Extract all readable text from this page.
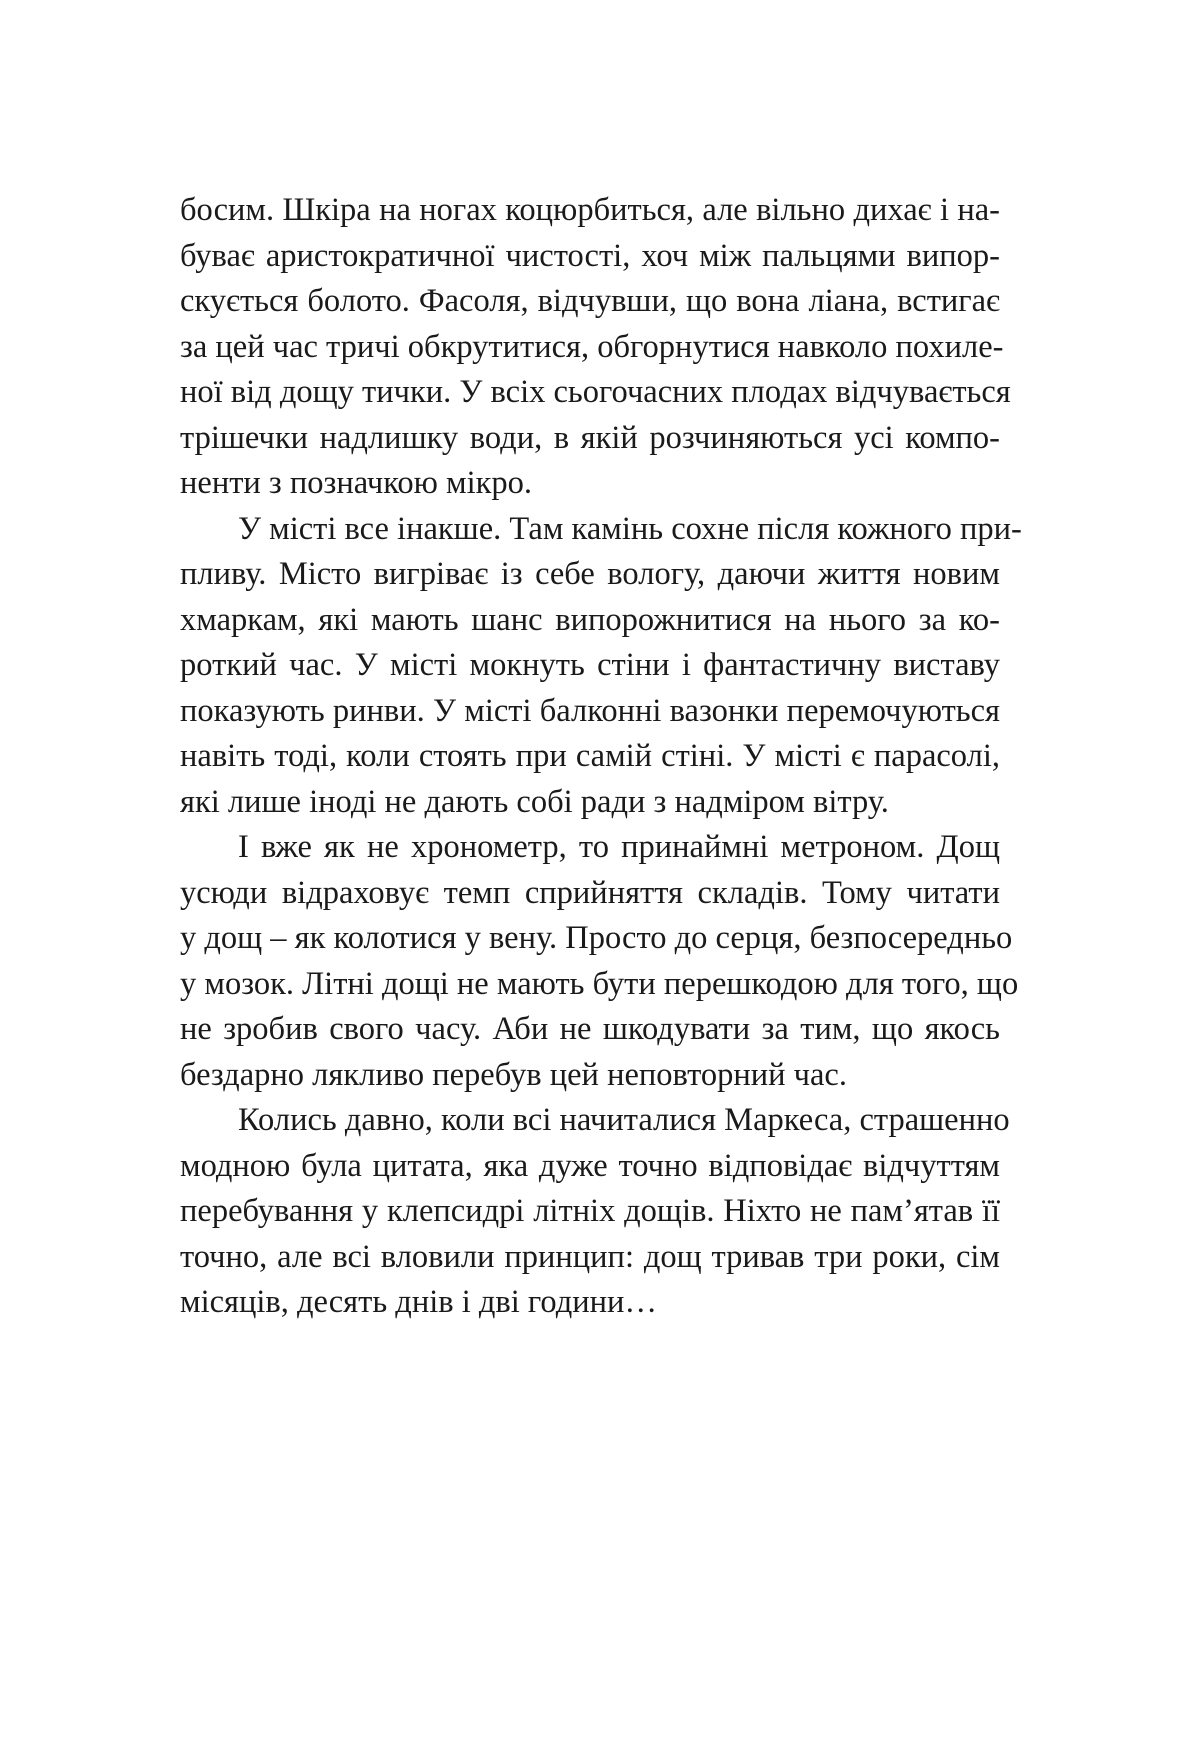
босим. Шкіра на ногах коцюрбиться, але вільно дихає і на-
буває аристократичної чистості, хоч між пальцями випор-
скується болото. Фасоля, відчувши, що вона ліана, встигає
за цей час тричі обкрутитися, обгорнутися навколо похиле-
ної від дощу тички. У всіх сьогочасних плодах відчувається
трішечки надлишку води, в якій розчиняються усі компо-
ненти з позначкою мікро.
У місті все інакше. Там камінь сохне після кожного при-
пливу. Місто вигріває із себе вологу, даючи життя новим
хмаркам, які мають шанс випорожнитися на нього за ко-
роткий час. У місті мокнуть стіни і фантастичну виставу
показують ринви. У місті балконні вазонки перемочуються
навіть тоді, коли стоять при самій стіні. У місті є парасолі,
які лише іноді не дають собі ради з надміром вітру.
І вже як не хронометр, то принаймні метроном. Дощ
усюди відраховує темп сприйняття складів. Тому читати
у дощ – як колотися у вену. Просто до серця, безпосередньо
у мозок. Літні дощі не мають бути перешкодою для того, що
не зробив свого часу. Аби не шкодувати за тим, що якось
бездарно лякливо перебув цей неповторний час.
Колись давно, коли всі начиталися Маркеса, страшенно
модною була цитата, яка дуже точно відповідає відчуттям
перебування у клепсидрі літніх дощів. Ніхто не пам’ятав її
точно, але всі вловили принцип: дощ тривав три роки, сім
місяців, десять днів і дві години…
